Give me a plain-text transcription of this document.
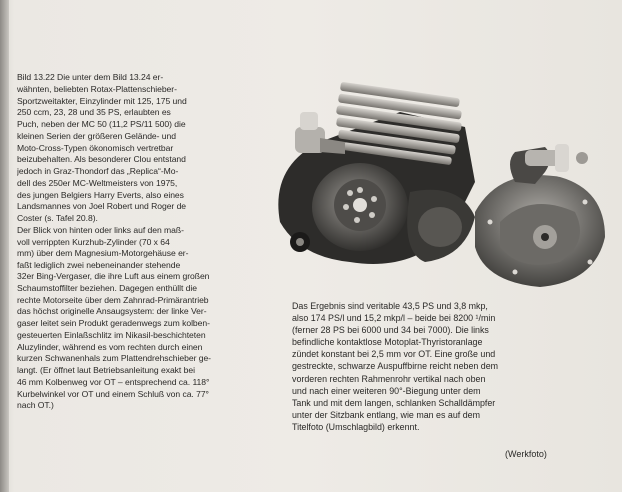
Bild 13.22 Die unter dem Bild 13.24 er-
wähnten, beliebten Rotax-Plattenschieber-
Sportzweitakter, Einzylinder mit 125, 175 und
250 ccm, 23, 28 und 35 PS, erlaubten es
Puch, neben der MC 50 (11,2 PS/11 500) die
kleinen Serien der größeren Gelände- und
Moto-Cross-Typen ökonomisch vertretbar
beizubehalten. Als besonderer Clou entstand
jedoch in Graz-Thondorf das „Replica“-Mo-
dell des 250er MC-Weltmeisters von 1975,
des jungen Belgiers Harry Everts, also eines
Landsmannes von Joel Robert und Roger de
Coster (s. Tafel 20.8).
Der Blick von hinten oder links auf den maß-
voll verrippten Kurzhub-Zylinder (70 x 64
mm) über dem Magnesium-Motorgehäuse er-
faßt lediglich zwei nebeneinander stehende
32er Bing-Vergaser, die ihre Luft aus einem großen
Schaumstoffilter beziehen. Dagegen enthüllt die
rechte Motorseite über dem Zahnrad-Primärantrieb
das höchst originelle Ansaugsystem: der linke Ver-
gaser leitet sein Produkt geradenwegs zum kolben-
gesteuerten Einlaßschlitz im Nikasil-beschichteten
Aluzylinder, während es vom rechten durch einen
kurzen Schwanenhals zum Plattendrehschieber ge-
langt. (Er öffnet laut Betriebsanleitung exakt bei
46 mm Kolbenweg vor OT – entsprechend ca. 118°
Kurbelwinkel vor OT und einem Schluß von ca. 77°
nach OT.)
Das Ergebnis sind veritable 43,5 PS und 3,8 mkp,
also 174 PS/l und 15,2 mkp/l – beide bei 8200 ¹/min
(ferner 28 PS bei 6000 und 34 bei 7000). Die links
befindliche kontaktlose Motoplat-Thyristoranlage
zündet konstant bei 2,5 mm vor OT. Eine große und
gestreckte, schwarze Auspuffbirne reicht neben dem
vorderen rechten Rahmenrohr vertikal nach oben
und nach einer weiteren 90°-Biegung unter dem
Tank und mit dem langen, schlanken Schalldämpfer
unter der Sitzbank entlang, wie man es auf dem
Titelfoto (Umschlagbild) erkennt.
(Werkfoto)
